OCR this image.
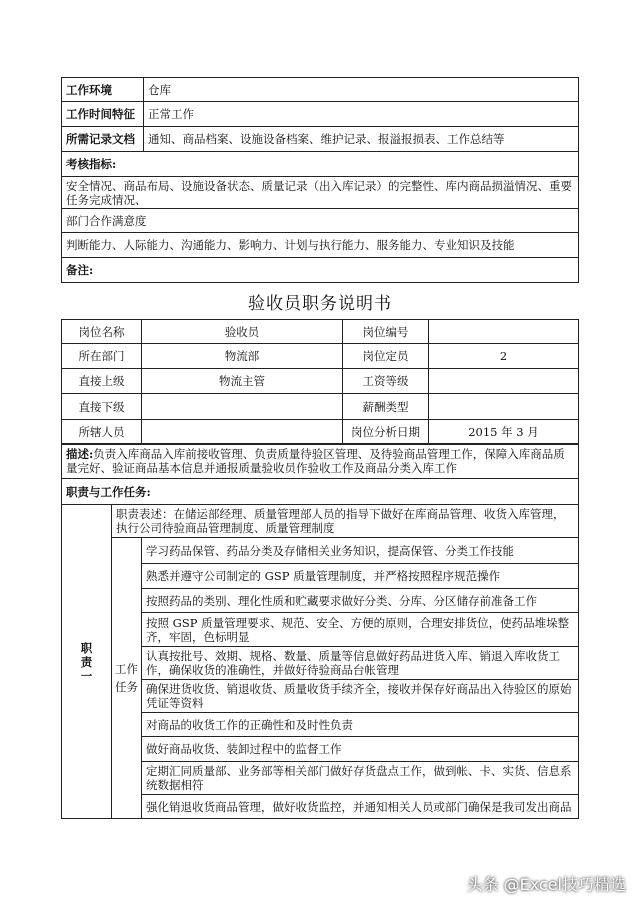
工作环境	仓库
工作时间特征	正常工作
所需记录文档	通知、商品档案、设施设备档案、维护记录、报溢报损表、工作总结等
考核指标:	
安全情况、商品布局、设施设备状态、质量记录（出入库记录）的完整性、库内商品损溢情况、重要任务完成情况、	
部门合作满意度	
判断能力、人际能力、沟通能力、影响力、计划与执行能力、服务能力、专业知识及技能	
备注:	
验收员职务说明书
岗位名称	验收员	岗位编号	
所在部门	物流部	岗位定员	2
直接上级	物流主管	工资等级	
直接下级		薪酬类型	
所辖人员		岗位分析日期	2015 年 3 月
描述:负责入库商品入库前接收管理、负责质量待验区管理、及待验商品管理工作，保障入库商品质量完好、验证商品基本信息并通报质量验收员作验收工作及商品分类入库工作		
职责与工作任务:		
职
责
一	职责表述：在储运部经理、质量管理部人员的指导下做好在库商品管理、收货入库管理，执行公司待验商品管理制度、质量管理制度	
	工作
任务	学习药品保管、药品分类及存储相关业务知识，提高保管、分类工作技能
		熟悉并遵守公司制定的 GSP 质量管理制度，并严格按照程序规范操作
		按照药品的类别、理化性质和贮藏要求做好分类、分库、分区储存前准备工作
		按照 GSP 质量管理要求、规范、安全、方便的原则，合理安排货位，使药品堆垛整齐，牢固，色标明显
		认真按批号、效期、规格、数量、质量等信息做好药品进货入库、销退入库收货工作，确保收货的准确性，并做好待验商品台帐管理
		确保进货收货、销退收货、质量收货手续齐全，接收并保存好商品出入待验区的原始凭证等资料
		对商品的收货工作的正确性和及时性负责
		做好商品收货、装卸过程中的监督工作
		定期汇同质量部、业务部等相关部门做好存货盘点工作，做到帐、卡、实货、信息系统数据相符
		强化销退收货商品管理，做好收货监控，并通知相关人员或部门确保是我司发出商品
头条 @Excel技巧精选
